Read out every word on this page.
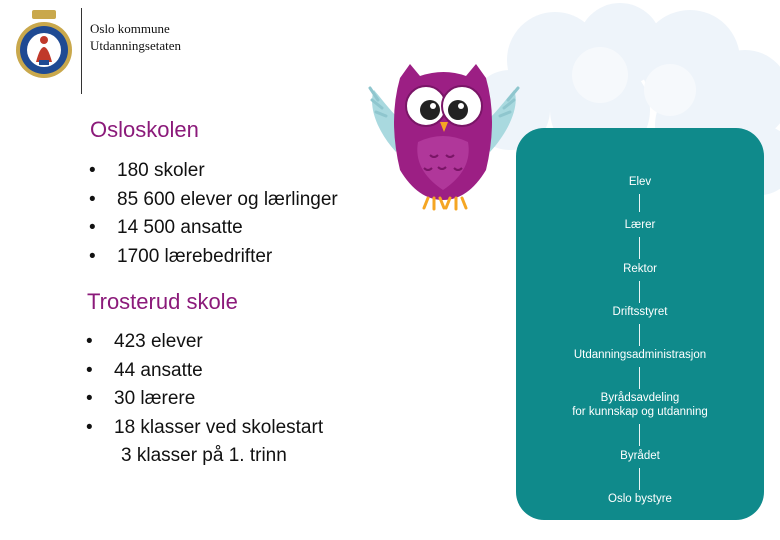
Oslo kommune
Utdanningsetaten
Osloskolen
• 180 skoler
• 85 600 elever og lærlinger
• 14 500 ansatte
• 1700 lærebedrifter
Trosterud skole
• 423 elever
• 44 ansatte
• 30 lærere
• 18 klasser ved skolestart
3 klasser på 1. trinn
Elev
Lærer
Rektor
Driftsstyret
Utdanningsadministrasjon
Byrådsavdeling
for kunnskap og utdanning
Byrådet
Oslo bystyre
